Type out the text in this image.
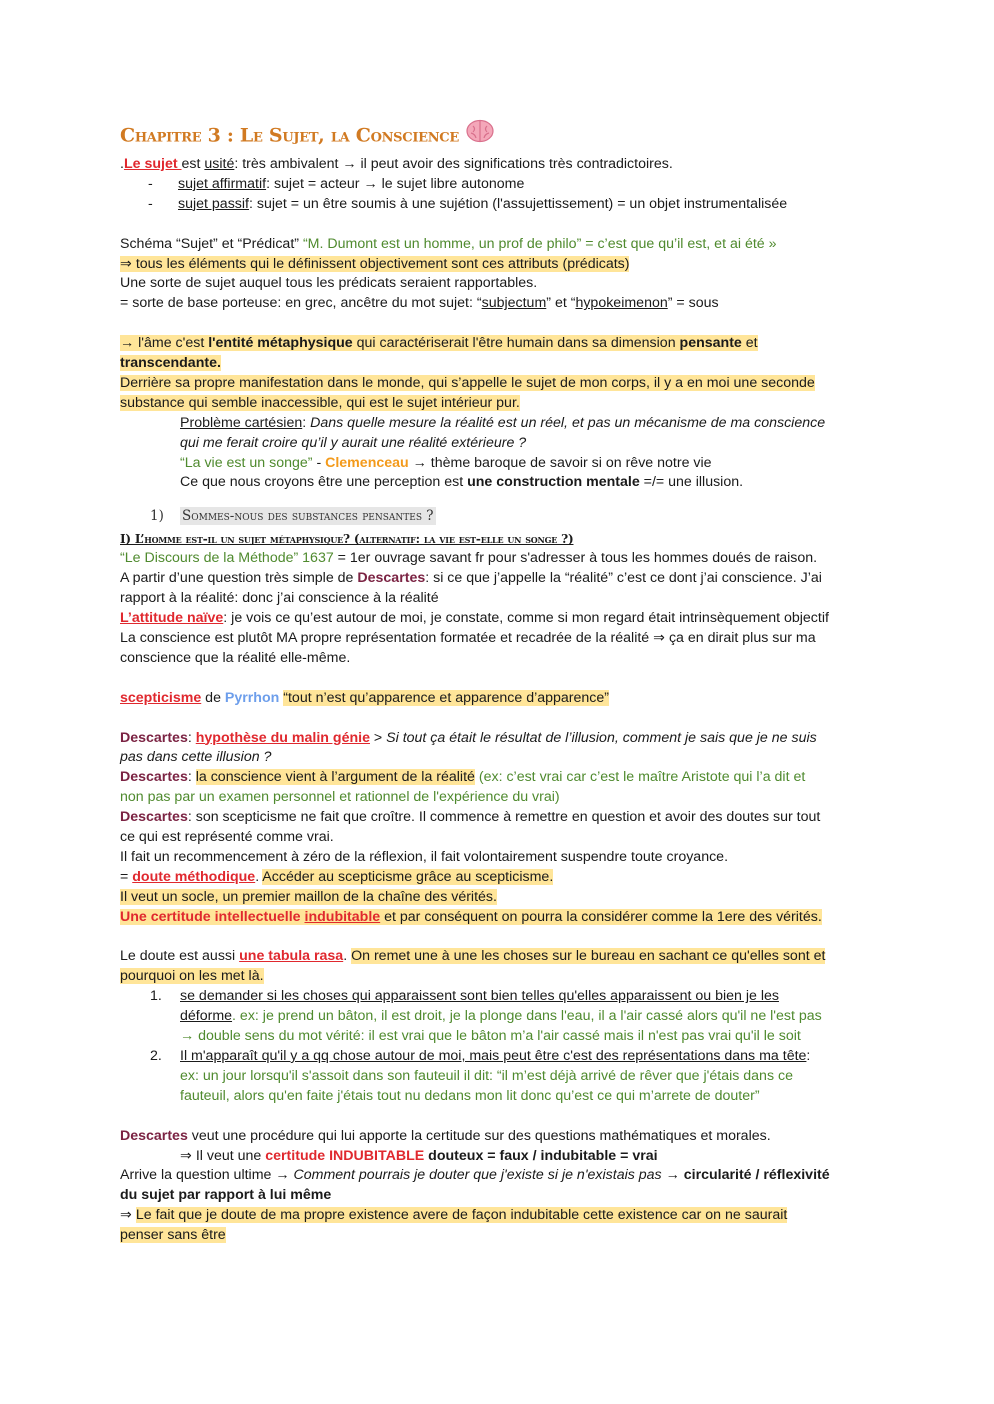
Chapitre 3 : Le Sujet, la Conscience
.Le sujet est usité: très ambivalent → il peut avoir des significations très contradictoires.
- sujet affirmatif: sujet = acteur → le sujet libre autonome
- sujet passif: sujet = un être soumis à une sujétion (l'assujettissement) = un objet instrumentalisée
Schéma “Sujet” et “Prédicat” “M. Dumont est un homme, un prof de philo” = c’est que qu’il est, et ai été »
⇒ tous les éléments qui le définissent objectivement sont ces attributs (prédicats)
Une sorte de sujet auquel tous les prédicats seraient rapportables.
= sorte de base porteuse: en grec, ancêtre du mot sujet: “subjectum” et “hypokeimenon” = sous
→ l'âme c'est l'entité métaphysique qui caractériserait l'être humain dans sa dimension pensante et
transcendante.
Derrière sa propre manifestation dans le monde, qui s’appelle le sujet de mon corps, il y a en moi une seconde
substance qui semble inaccessible, qui est le sujet intérieur pur.
Problème cartésien: Dans quelle mesure la réalité est un réel, et pas un mécanisme de ma conscience
qui me ferait croire qu’il y aurait une réalité extérieure ?
“La vie est un songe” - Clemenceau → thème baroque de savoir si on rêve notre vie
Ce que nous croyons être une perception est une construction mentale =/= une illusion.
1) Sommes-nous des substances pensantes ?
I) L’homme est-il un sujet métaphysique? (alternatif: la vie est-elle un songe ?)
“Le Discours de la Méthode” 1637 = 1er ouvrage savant fr pour s'adresser à tous les hommes doués de raison.
A partir d’une question très simple de Descartes: si ce que j’appelle la “réalité” c’est ce dont j’ai conscience. J’ai
rapport à la réalité: donc j’ai conscience à la réalité
L’attitude naïve: je vois ce qu’est autour de moi, je constate, comme si mon regard était intrinsèquement objectif
La conscience est plutôt MA propre représentation formatée et recadrée de la réalité ⇒ ça en dirait plus sur ma
conscience que la réalité elle-même.
scepticisme de Pyrrhon “tout n’est qu’apparence et apparence d’apparence”
Descartes: hypothèse du malin génie > Si tout ça était le résultat de l’illusion, comment je sais que je ne suis
pas dans cette illusion ?
Descartes: la conscience vient à l’argument de la réalité (ex: c’est vrai car c’est le maître Aristote qui l’a dit et
non pas par un examen personnel et rationnel de l'expérience du vrai)
Descartes: son scepticisme ne fait que croître. Il commence à remettre en question et avoir des doutes sur tout
ce qui est représenté comme vrai.
Il fait un recommencement à zéro de la réflexion, il fait volontairement suspendre toute croyance.
= doute méthodique. Accéder au scepticisme grâce au scepticisme.
Il veut un socle, un premier maillon de la chaîne des vérités.
Une certitude intellectuelle indubitable et par conséquent on pourra la considérer comme la 1ere des vérités.
Le doute est aussi une tabula rasa. On remet une à une les choses sur le bureau en sachant ce qu'elles sont et
pourquoi on les met là.
1. se demander si les choses qui apparaissent sont bien telles qu'elles apparaissent ou bien je les
déforme. ex: je prend un bâton, il est droit, je la plonge dans l'eau, il a l'air cassé alors qu'il ne l'est pas
→ double sens du mot vérité: il est vrai que le bâton m’a l'air cassé mais il n'est pas vrai qu'il le soit
2. Il m'apparaît qu'il y a qq chose autour de moi, mais peut être c'est des représentations dans ma tête:
ex: un jour lorsqu'il s'assoit dans son fauteuil il dit: “il m’est déjà arrivé de rêver que j'étais dans ce
fauteuil, alors qu'en faite j'étais tout nu dedans mon lit donc qu’est ce qui m’arrete de douter”
Descartes veut une procédure qui lui apporte la certitude sur des questions mathématiques et morales.
⇒ Il veut une certitude INDUBITABLE douteux = faux / indubitable = vrai
Arrive la question ultime → Comment pourrais je douter que j'existe si je n'existais pas → circularité / réflexivité
du sujet par rapport à lui même
⇒ Le fait que je doute de ma propre existence avere de façon indubitable cette existence car on ne saurait
penser sans être
